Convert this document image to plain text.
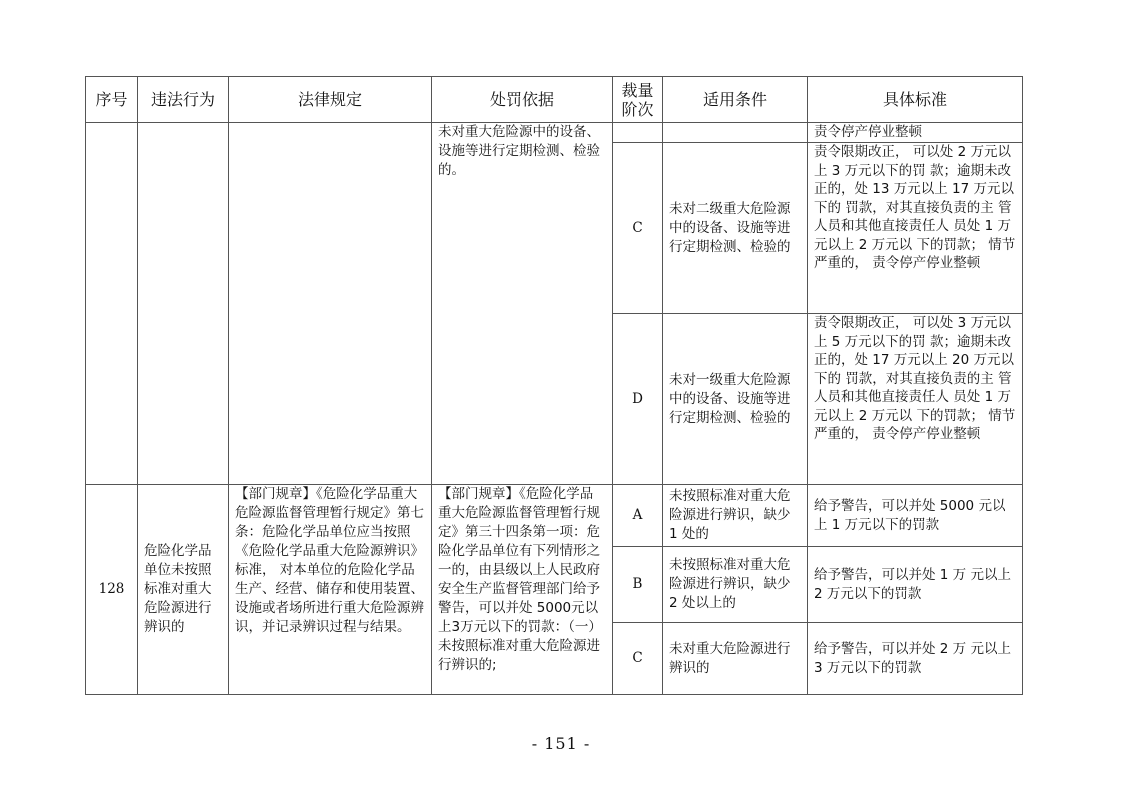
序号	违法行为	法律规定	处罚依据	裁量阶次	适用条件	具体标准
			未对重大危险源中的设备、设施等进行定期检测、检验的。			责令停产停业整顿
				C	未对二级重大危险源中的设备、设施等进行定期检测、检验的	责令限期改正， 可以处 2 万元以上 3 万元以下的罚 款；逾期未改正的，处 13 万元以上 17 万元以下的 罚款，对其直接负责的主 管人员和其他直接责任人 员处 1 万元以上 2 万元以 下的罚款； 情节严重的， 责令停产停业整顿
				D	未对一级重大危险源中的设备、设施等进行定期检测、检验的	责令限期改正， 可以处 3 万元以上 5 万元以下的罚 款；逾期未改正的，处 17 万元以上 20 万元以下的 罚款，对其直接负责的主 管人员和其他直接责任人 员处 1 万元以上 2 万元以 下的罚款； 情节严重的， 责令停产停业整顿
128	危险化学品单位未按照标准对重大危险源进行辨识的	【部门规章】《危险化学品重大危险源监督管理暂行规定》第七条：危险化学品单位应当按照《危险化学品重大危险源辨识》标准， 对本单位的危险化学品生产、经营、储存和使用装置、设施或者场所进行重大危险源辨识，并记录辨识过程与结果。	【部门规章】《危险化学品重大危险源监督管理暂行规定》第三十四条第一项：危险化学品单位有下列情形之一的，由县级以上人民政府安全生产监督管理部门给予警告，可以并处 5000元以上3万元以下的罚款：（一）未按照标准对重大危险源进行辨识的;	A	未按照标准对重大危险源进行辨识，缺少 1 处的	给予警告，可以并处 5000 元以上 1 万元以下的罚款
				B	未按照标准对重大危险源进行辨识，缺少 2 处以上的	给予警告，可以并处 1 万 元以上 2 万元以下的罚款
				C	未对重大危险源进行辨识的	给予警告，可以并处 2 万 元以上 3 万元以下的罚款
- 151 -
